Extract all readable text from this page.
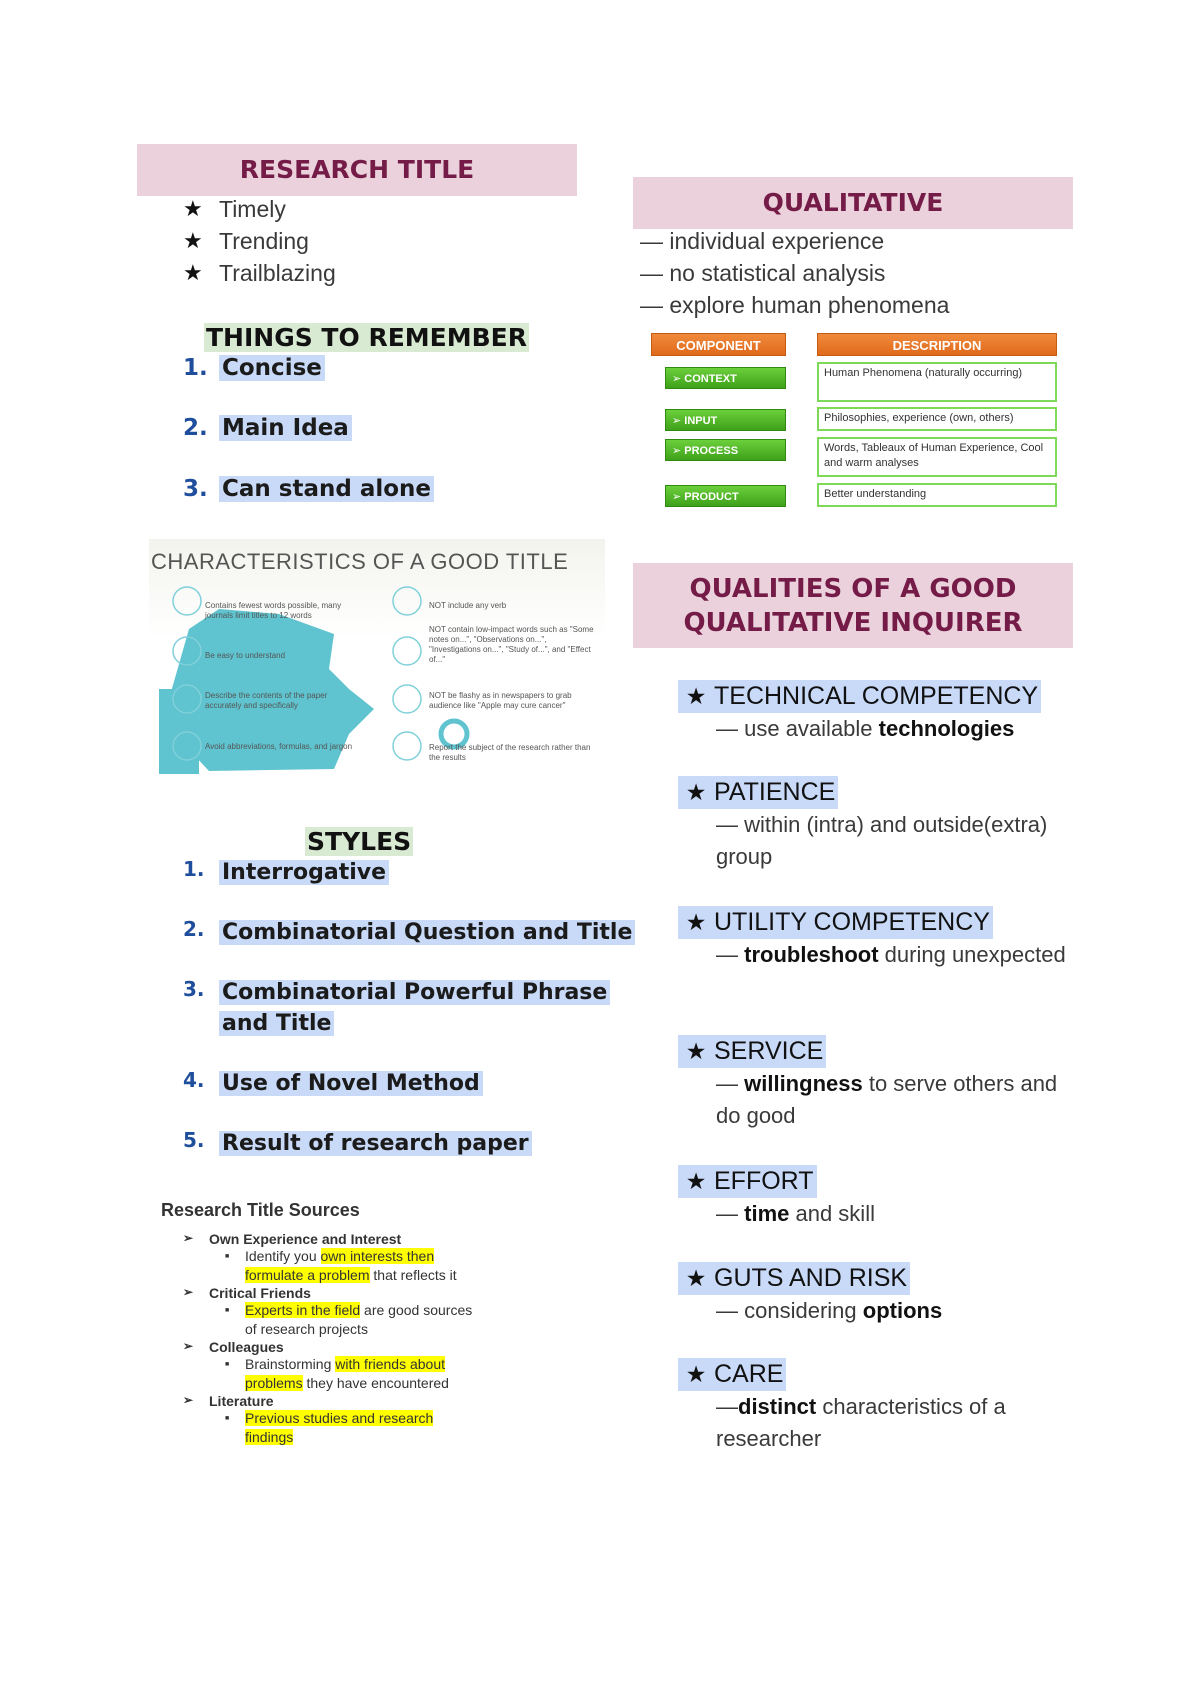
RESEARCH TITLE
★ Timely
★ Trending
★ Trailblazing
THINGS TO REMEMBER
1. Concise
2. Main Idea
3. Can stand alone
CHARACTERISTICS OF A GOOD TITLE
Contains fewest words possible, many journals limit titles to 12 words
Be easy to understand
Describe the contents of the paper accurately and specifically
Avoid abbreviations, formulas, and jargon
NOT include any verb
NOT contain low-impact words such as "Some notes on...", "Observations on...", "Investigations on...", "Study of...", and "Effect of..."
NOT be flashy as in newspapers to grab audience like "Apple may cure cancer"
Report the subject of the research rather than the results
STYLES
1. Interrogative
2. Combinatorial Question and Title
3. Combinatorial Powerful Phrase
and Title
4. Use of Novel Method
5. Result of research paper
Research Title Sources
➢	Own Experience and Interest
■ Identify you own interests then formulate a problem that reflects it
➢	Critical Friends
■ Experts in the field are good sources of research projects
➢	Colleagues
■ Brainstorming with friends about problems they have encountered
➢	Literature
■ Previous studies and research findings
QUALITATIVE
— individual experience
— no statistical analysis
— explore human phenomena
COMPONENT	DESCRIPTION
➢ CONTEXT	Human Phenomena (naturally occurring)
➢ INPUT	Philosophies, experience (own, others)
➢ PROCESS	Words, Tableaux of Human Experience, Cool and warm analyses
➢ PRODUCT	Better understanding
QUALITIES OF A GOOD
QUALITATIVE INQUIRER
★ TECHNICAL COMPETENCY
— use available technologies
★ PATIENCE
— within (intra) and outside(extra) group
★ UTILITY COMPETENCY
— troubleshoot during unexpected
★ SERVICE
— willingness to serve others and do good
★ EFFORT
— time and skill
★ GUTS AND RISK
— considering options
★ CARE
—distinct characteristics of a researcher
